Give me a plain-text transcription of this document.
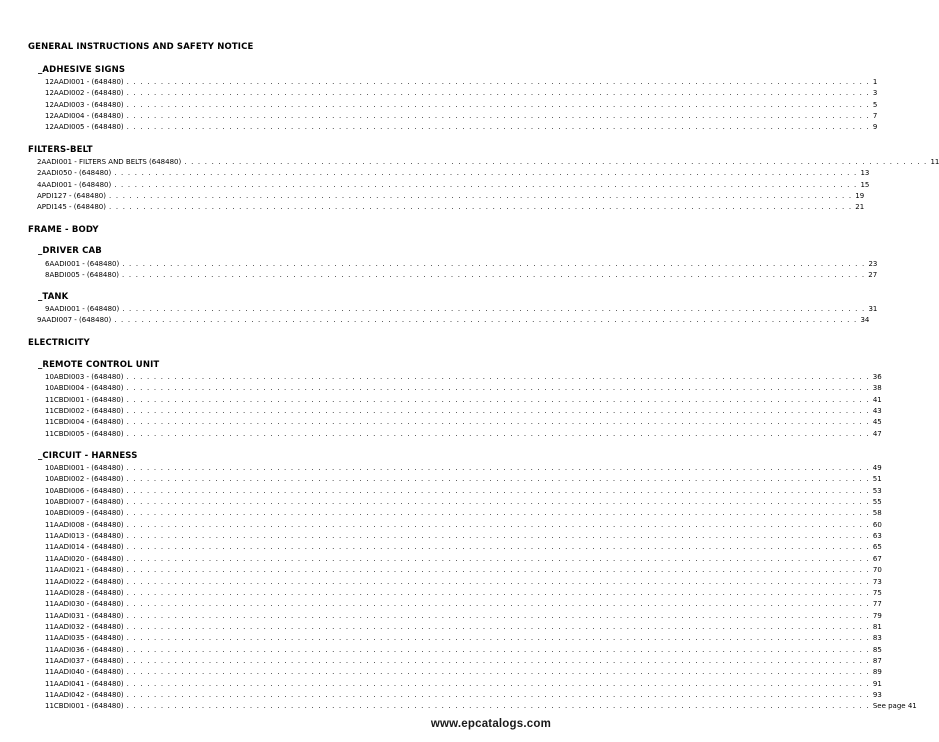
GENERAL INSTRUCTIONS AND SAFETY NOTICE
_ADHESIVE SIGNS
FILTERS-BELT
FRAME - BODY
_DRIVER CAB
_TANK
ELECTRICITY
_REMOTE CONTROL UNIT
_CIRCUIT - HARNESS
www.epcatalogs.com
12AADI001 - (648480) . . . . . . . . . . . . . . . . . . . . . . . . . . . . . . . . . . . . . . . . . . . . . . . . . . . . . . . . . . . . . . . . . . . . . . . . . . . . . . . . . . . . . . . . . . . . . . . . . . . . . . . . . . . . . 1
12AADI002 - (648480) . . . . . . . . . . . . . . . . . . . . . . . . . . . . . . . . . . . . . . . . . . . . . . . . . . . . . . . . . . . . . . . . . . . . . . . . . . . . . . . . . . . . . . . . . . . . . . . . . . . . . . . . . . . . . 3
12AADI003 - (648480) . . . . . . . . . . . . . . . . . . . . . . . . . . . . . . . . . . . . . . . . . . . . . . . . . . . . . . . . . . . . . . . . . . . . . . . . . . . . . . . . . . . . . . . . . . . . . . . . . . . . . . . . . . . . . 5
12AADI004 - (648480) . . . . . . . . . . . . . . . . . . . . . . . . . . . . . . . . . . . . . . . . . . . . . . . . . . . . . . . . . . . . . . . . . . . . . . . . . . . . . . . . . . . . . . . . . . . . . . . . . . . . . . . . . . . . . 7
12AADI005 - (648480) . . . . . . . . . . . . . . . . . . . . . . . . . . . . . . . . . . . . . . . . . . . . . . . . . . . . . . . . . . . . . . . . . . . . . . . . . . . . . . . . . . . . . . . . . . . . . . . . . . . . . . . . . . . . . 9
2AADI001 - FILTERS AND BELTS (648480) . . . . . . . . . . . . . . . . . . . . . . . . . . . . . . . . . . . . . . . . . . . . . . . . . . . . . . . . . . . . . . . . . . . . . . . . . . . . . . . . . . . . . . . . . . . . . . . . . . . . . . . . . . . . . 11
2AADI050 - (648480) . . . . . . . . . . . . . . . . . . . . . . . . . . . . . . . . . . . . . . . . . . . . . . . . . . . . . . . . . . . . . . . . . . . . . . . . . . . . . . . . . . . . . . . . . . . . . . . . . . . . . . . . . . . . . 13
4AADI001 - (648480) . . . . . . . . . . . . . . . . . . . . . . . . . . . . . . . . . . . . . . . . . . . . . . . . . . . . . . . . . . . . . . . . . . . . . . . . . . . . . . . . . . . . . . . . . . . . . . . . . . . . . . . . . . . . . 15
APDI127 - (648480) . . . . . . . . . . . . . . . . . . . . . . . . . . . . . . . . . . . . . . . . . . . . . . . . . . . . . . . . . . . . . . . . . . . . . . . . . . . . . . . . . . . . . . . . . . . . . . . . . . . . . . . . . . . . . 19
APDI145 - (648480) . . . . . . . . . . . . . . . . . . . . . . . . . . . . . . . . . . . . . . . . . . . . . . . . . . . . . . . . . . . . . . . . . . . . . . . . . . . . . . . . . . . . . . . . . . . . . . . . . . . . . . . . . . . . . 21
6AADI001 - (648480) . . . . . . . . . . . . . . . . . . . . . . . . . . . . . . . . . . . . . . . . . . . . . . . . . . . . . . . . . . . . . . . . . . . . . . . . . . . . . . . . . . . . . . . . . . . . . . . . . . . . . . . . . . . . . 23
8ABDI005 - (648480) . . . . . . . . . . . . . . . . . . . . . . . . . . . . . . . . . . . . . . . . . . . . . . . . . . . . . . . . . . . . . . . . . . . . . . . . . . . . . . . . . . . . . . . . . . . . . . . . . . . . . . . . . . . . . 27
9AADI001 - (648480) . . . . . . . . . . . . . . . . . . . . . . . . . . . . . . . . . . . . . . . . . . . . . . . . . . . . . . . . . . . . . . . . . . . . . . . . . . . . . . . . . . . . . . . . . . . . . . . . . . . . . . . . . . . . . 31
9AADI007 - (648480) . . . . . . . . . . . . . . . . . . . . . . . . . . . . . . . . . . . . . . . . . . . . . . . . . . . . . . . . . . . . . . . . . . . . . . . . . . . . . . . . . . . . . . . . . . . . . . . . . . . . . . . . . . . . . 34
10ABDI003 - (648480) . . . . . . . . . . . . . . . . . . . . . . . . . . . . . . . . . . . . . . . . . . . . . . . . . . . . . . . . . . . . . . . . . . . . . . . . . . . . . . . . . . . . . . . . . . . . . . . . . . . . . . . . . . . . . 36
10ABDI004 - (648480) . . . . . . . . . . . . . . . . . . . . . . . . . . . . . . . . . . . . . . . . . . . . . . . . . . . . . . . . . . . . . . . . . . . . . . . . . . . . . . . . . . . . . . . . . . . . . . . . . . . . . . . . . . . . . 38
11CBDI001 - (648480) . . . . . . . . . . . . . . . . . . . . . . . . . . . . . . . . . . . . . . . . . . . . . . . . . . . . . . . . . . . . . . . . . . . . . . . . . . . . . . . . . . . . . . . . . . . . . . . . . . . . . . . . . . . . . 41
11CBDI002 - (648480) . . . . . . . . . . . . . . . . . . . . . . . . . . . . . . . . . . . . . . . . . . . . . . . . . . . . . . . . . . . . . . . . . . . . . . . . . . . . . . . . . . . . . . . . . . . . . . . . . . . . . . . . . . . . . 43
11CBDI004 - (648480) . . . . . . . . . . . . . . . . . . . . . . . . . . . . . . . . . . . . . . . . . . . . . . . . . . . . . . . . . . . . . . . . . . . . . . . . . . . . . . . . . . . . . . . . . . . . . . . . . . . . . . . . . . . . . 45
11CBDI005 - (648480) . . . . . . . . . . . . . . . . . . . . . . . . . . . . . . . . . . . . . . . . . . . . . . . . . . . . . . . . . . . . . . . . . . . . . . . . . . . . . . . . . . . . . . . . . . . . . . . . . . . . . . . . . . . . . 47
10ABDI001 - (648480) . . . . . . . . . . . . . . . . . . . . . . . . . . . . . . . . . . . . . . . . . . . . . . . . . . . . . . . . . . . . . . . . . . . . . . . . . . . . . . . . . . . . . . . . . . . . . . . . . . . . . . . . . . . . . 49
10ABDI002 - (648480) . . . . . . . . . . . . . . . . . . . . . . . . . . . . . . . . . . . . . . . . . . . . . . . . . . . . . . . . . . . . . . . . . . . . . . . . . . . . . . . . . . . . . . . . . . . . . . . . . . . . . . . . . . . . . 51
10ABDI006 - (648480) . . . . . . . . . . . . . . . . . . . . . . . . . . . . . . . . . . . . . . . . . . . . . . . . . . . . . . . . . . . . . . . . . . . . . . . . . . . . . . . . . . . . . . . . . . . . . . . . . . . . . . . . . . . . . 53
10ABDI007 - (648480) . . . . . . . . . . . . . . . . . . . . . . . . . . . . . . . . . . . . . . . . . . . . . . . . . . . . . . . . . . . . . . . . . . . . . . . . . . . . . . . . . . . . . . . . . . . . . . . . . . . . . . . . . . . . . 55
10ABDI009 - (648480) . . . . . . . . . . . . . . . . . . . . . . . . . . . . . . . . . . . . . . . . . . . . . . . . . . . . . . . . . . . . . . . . . . . . . . . . . . . . . . . . . . . . . . . . . . . . . . . . . . . . . . . . . . . . . 58
11AADI008 - (648480) . . . . . . . . . . . . . . . . . . . . . . . . . . . . . . . . . . . . . . . . . . . . . . . . . . . . . . . . . . . . . . . . . . . . . . . . . . . . . . . . . . . . . . . . . . . . . . . . . . . . . . . . . . . . . 60
11AADI013 - (648480) . . . . . . . . . . . . . . . . . . . . . . . . . . . . . . . . . . . . . . . . . . . . . . . . . . . . . . . . . . . . . . . . . . . . . . . . . . . . . . . . . . . . . . . . . . . . . . . . . . . . . . . . . . . . . 63
11AADI014 - (648480) . . . . . . . . . . . . . . . . . . . . . . . . . . . . . . . . . . . . . . . . . . . . . . . . . . . . . . . . . . . . . . . . . . . . . . . . . . . . . . . . . . . . . . . . . . . . . . . . . . . . . . . . . . . . . 65
11AADI020 - (648480) . . . . . . . . . . . . . . . . . . . . . . . . . . . . . . . . . . . . . . . . . . . . . . . . . . . . . . . . . . . . . . . . . . . . . . . . . . . . . . . . . . . . . . . . . . . . . . . . . . . . . . . . . . . . . 67
11AADI021 - (648480) . . . . . . . . . . . . . . . . . . . . . . . . . . . . . . . . . . . . . . . . . . . . . . . . . . . . . . . . . . . . . . . . . . . . . . . . . . . . . . . . . . . . . . . . . . . . . . . . . . . . . . . . . . . . . 70
11AADI022 - (648480) . . . . . . . . . . . . . . . . . . . . . . . . . . . . . . . . . . . . . . . . . . . . . . . . . . . . . . . . . . . . . . . . . . . . . . . . . . . . . . . . . . . . . . . . . . . . . . . . . . . . . . . . . . . . . 73
11AADI028 - (648480) . . . . . . . . . . . . . . . . . . . . . . . . . . . . . . . . . . . . . . . . . . . . . . . . . . . . . . . . . . . . . . . . . . . . . . . . . . . . . . . . . . . . . . . . . . . . . . . . . . . . . . . . . . . . . 75
11AADI030 - (648480) . . . . . . . . . . . . . . . . . . . . . . . . . . . . . . . . . . . . . . . . . . . . . . . . . . . . . . . . . . . . . . . . . . . . . . . . . . . . . . . . . . . . . . . . . . . . . . . . . . . . . . . . . . . . . 77
11AADI031 - (648480) . . . . . . . . . . . . . . . . . . . . . . . . . . . . . . . . . . . . . . . . . . . . . . . . . . . . . . . . . . . . . . . . . . . . . . . . . . . . . . . . . . . . . . . . . . . . . . . . . . . . . . . . . . . . . 79
11AADI032 - (648480) . . . . . . . . . . . . . . . . . . . . . . . . . . . . . . . . . . . . . . . . . . . . . . . . . . . . . . . . . . . . . . . . . . . . . . . . . . . . . . . . . . . . . . . . . . . . . . . . . . . . . . . . . . . . . 81
11AADI035 - (648480) . . . . . . . . . . . . . . . . . . . . . . . . . . . . . . . . . . . . . . . . . . . . . . . . . . . . . . . . . . . . . . . . . . . . . . . . . . . . . . . . . . . . . . . . . . . . . . . . . . . . . . . . . . . . . 83
11AADI036 - (648480) . . . . . . . . . . . . . . . . . . . . . . . . . . . . . . . . . . . . . . . . . . . . . . . . . . . . . . . . . . . . . . . . . . . . . . . . . . . . . . . . . . . . . . . . . . . . . . . . . . . . . . . . . . . . . 85
11AADI037 - (648480) . . . . . . . . . . . . . . . . . . . . . . . . . . . . . . . . . . . . . . . . . . . . . . . . . . . . . . . . . . . . . . . . . . . . . . . . . . . . . . . . . . . . . . . . . . . . . . . . . . . . . . . . . . . . . 87
11AADI040 - (648480) . . . . . . . . . . . . . . . . . . . . . . . . . . . . . . . . . . . . . . . . . . . . . . . . . . . . . . . . . . . . . . . . . . . . . . . . . . . . . . . . . . . . . . . . . . . . . . . . . . . . . . . . . . . . . 89
11AADI041 - (648480) . . . . . . . . . . . . . . . . . . . . . . . . . . . . . . . . . . . . . . . . . . . . . . . . . . . . . . . . . . . . . . . . . . . . . . . . . . . . . . . . . . . . . . . . . . . . . . . . . . . . . . . . . . . . . 91
11AADI042 - (648480) . . . . . . . . . . . . . . . . . . . . . . . . . . . . . . . . . . . . . . . . . . . . . . . . . . . . . . . . . . . . . . . . . . . . . . . . . . . . . . . . . . . . . . . . . . . . . . . . . . . . . . . . . . . . . 93
11CBDI001 - (648480) . . . . . . . . . . . . . . . . . . . . . . . . . . . . . . . . . . . . . . . . . . . . . . . . . . . . . . . . . . . . . . . . . . . . . . . . . . . . . . . . . . . . . . . . . . . . . . . . . . . . . . . . . . . . . See page 41
